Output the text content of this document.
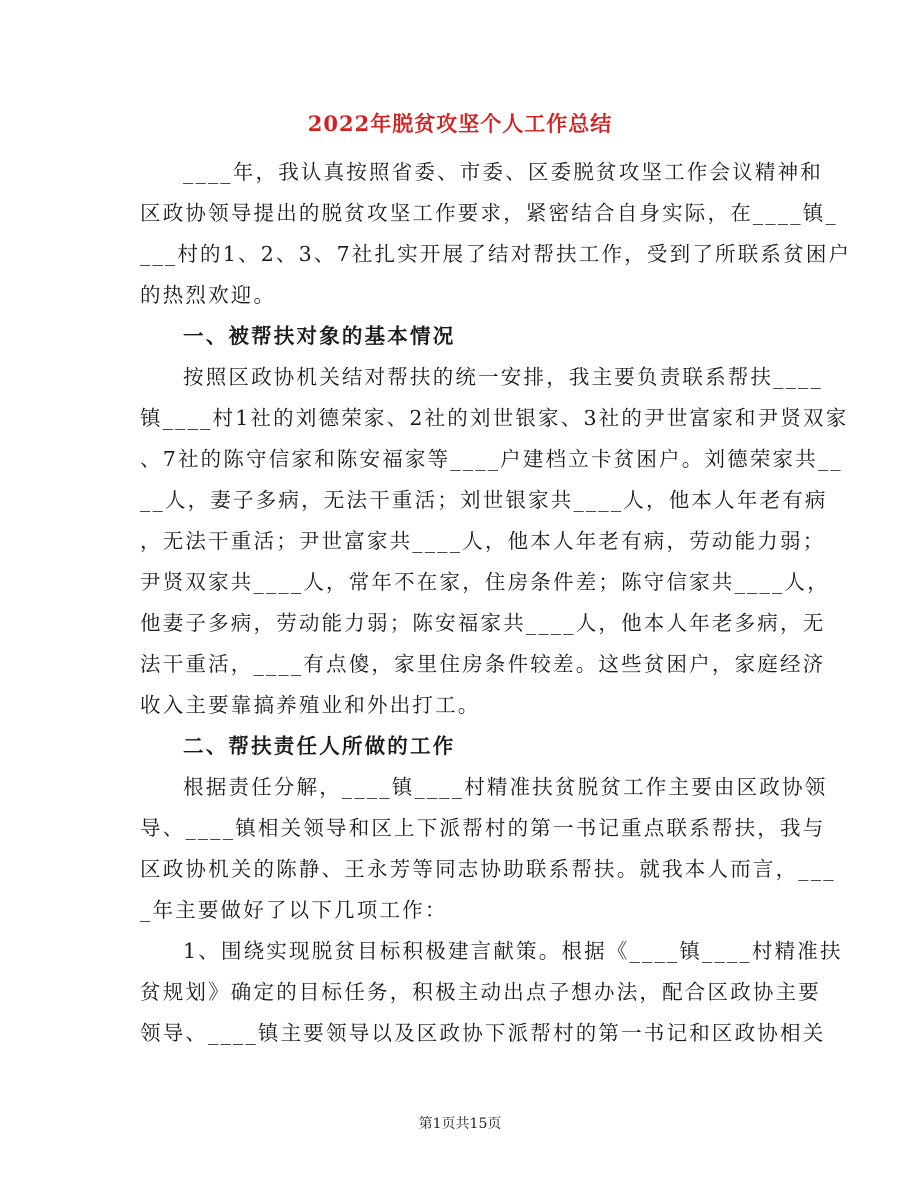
2022年脱贫攻坚个人工作总结
____年，我认真按照省委、市委、区委脱贫攻坚工作会议精神和
区政协领导提出的脱贫攻坚工作要求，紧密结合自身实际，在____镇_
___村的1、2、3、7社扎实开展了结对帮扶工作，受到了所联系贫困户
的热烈欢迎。
一、被帮扶对象的基本情况
按照区政协机关结对帮扶的统一安排，我主要负责联系帮扶____
镇____村1社的刘德荣家、2社的刘世银家、3社的尹世富家和尹贤双家
、7社的陈守信家和陈安福家等____户建档立卡贫困户。刘德荣家共__
__人，妻子多病，无法干重活；刘世银家共____人，他本人年老有病
，无法干重活；尹世富家共____人，他本人年老有病，劳动能力弱；
尹贤双家共____人，常年不在家，住房条件差；陈守信家共____人，
他妻子多病，劳动能力弱；陈安福家共____人，他本人年老多病，无
法干重活，____有点傻，家里住房条件较差。这些贫困户，家庭经济
收入主要靠搞养殖业和外出打工。
二、帮扶责任人所做的工作
根据责任分解，____镇____村精准扶贫脱贫工作主要由区政协领
导、____镇相关领导和区上下派帮村的第一书记重点联系帮扶，我与
区政协机关的陈静、王永芳等同志协助联系帮扶。就我本人而言，___
_年主要做好了以下几项工作：
1、围绕实现脱贫目标积极建言献策。根据《____镇____村精准扶
贫规划》确定的目标任务，积极主动出点子想办法，配合区政协主要
领导、____镇主要领导以及区政协下派帮村的第一书记和区政协相关
第1页共15页
